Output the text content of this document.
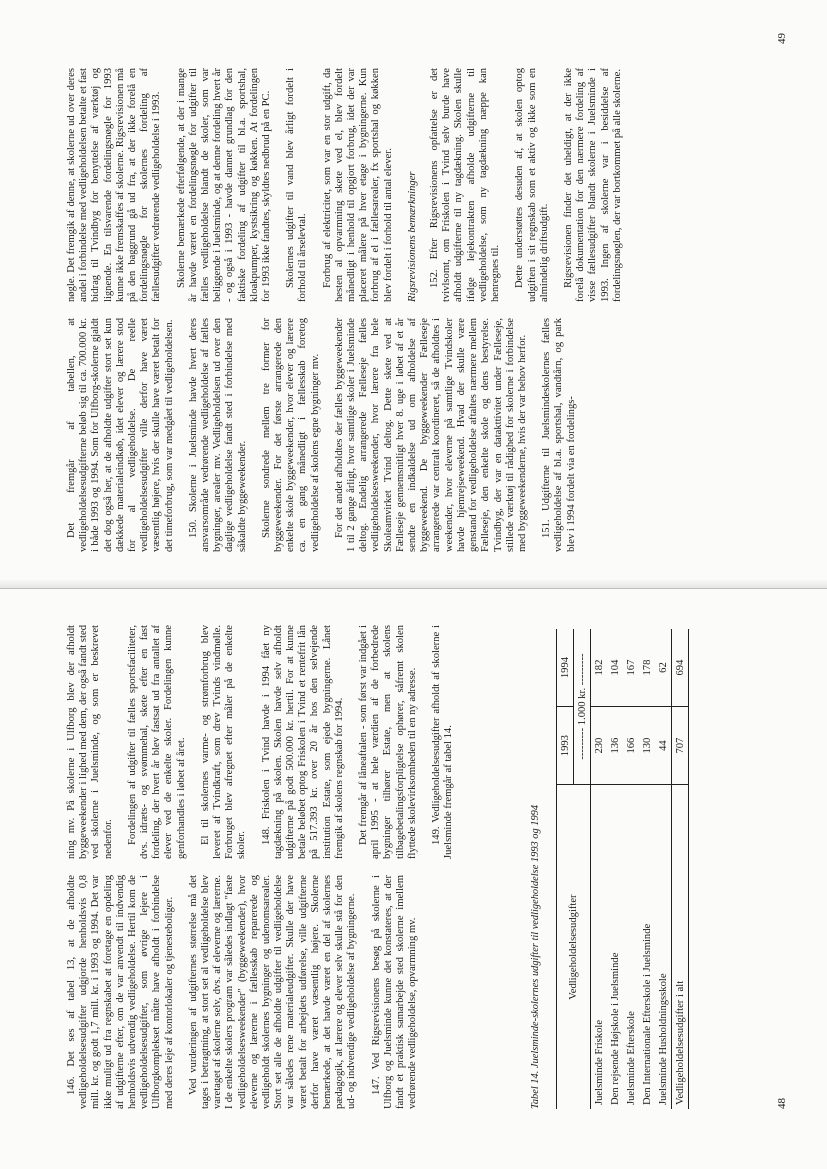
146. Det ses af tabel 13, at de afholdte vedligeholdelsesudgifter udgjorde henholdsvis 0,8 mill. kr. og godt 1,7 mill. kr. i 1993 og 1994. Det var ikke muligt ud fra regnskabet at foretage en opdeling af udgifterne efter, om de var anvendt til indvendig henholdsvis udvendig vedligeholdelse. Hertil kom de vedligeholdelsesudgifter, som øvrige lejere i Ulfborgkomplekset måtte have afholdt i forbindelse med deres leje af kontorlokaler og tjenesteboliger. Ved vurderingen af udgifternes størrelse må det tages i betragtning, at stort set al vedligeholdelse blev varetaget af skolerne selv, dvs. af eleverne og lærerne. I de enkelte skolers program var således indlagt "faste vedligeholdelsesweekender" (byggeweekender), hvor eleverne og lærerne i fællesskab reparerede og vedligeholdt skolernes bygninger og udenomsarealer. Stort set alle de afholdte udgifter til vedligeholdelse var således rene materialeudgifter. Skulle der have været betalt for arbejdets udførelse, ville udgifterne derfor have været væsentlig højere. Skolerne bemærkede, at det havde været en del af skolernes pædagogik, at lærere og elever selv skulle stå for den ud- og indvendige vedligeholdelse af bygningerne. 147. Ved Rigsrevisionens besøg på skolerne i Ulfborg og Juelsminde kunne det konstateres, at der fandt et praktisk samarbejde sted skolerne imellem vedrørende vedligeholdelse, opvarmning mv.

ning mv. På skolerne i Ulfborg blev der afholdt byggeweekender i lighed med dem, der også fandt sted ved skolerne i Juelsminde, og som er beskrevet nedenfor. Fordelingen af udgifter til fælles sportsfaciliteter, dvs. idræts- og svømmehal, skete efter en fast fordeling, der hvert år blev fastsat ud fra antallet af elever ved de enkelte skoler. Fordelingen kunne genforhandles i løbet af året. El til skolernes varme- og strømforbrug blev leveret af Tvindkraft, som drev Tvinds vindmølle. Forbruget blev afregnet efter måler på de enkelte skoler.

148. Friskolen i Tvind havde i 1994 fået ny tagdækning på skolen. Skolen havde selv afholdt udgifterne på godt 500.000 kr. hertil. For at kunne betale beløbet optog Friskolen i Tvind et rentefrit lån på 517.393 kr. over 20 år hos den selvejende institution Estate, som ejede bygningerne. Lånet fremgik af skolens regnskab for 1994. Det fremgår af låneaftalen - som først var indgået i april 1995 - at hele værdien af de forbedrede bygninger tilhører Estate, men at skolens tilbagebetalingsforpligtelse ophører, såfremt skolen flyttede skolevirksomheden til en ny adresse. 149. Vedligeholdelsesudgifter afholdt af skolerne i Juelsminde fremgår af tabel 14.

Tabel 14. Juelsminde-skolernes udgifter til vedligeholdelse 1993 og 1994	Vedligeholdelsesudgifter	1993	1994
	--------- 1.000 kr. ---------	
Juelsminde Friskole	230	182
Den rejsende Højskole i Juelsminde	136	104
Juelsminde Efterskole	166	167
Den Internationale Efterskole i Juelsminde	130	178
Juelsminde Husholdningsskole	44	62
Vedligeholdelsesudgifter i alt	707	694
48

Det fremgår af tabellen, at vedligeholdelsesudgifterne beløb sig til ca. 700.000 kr. i både 1993 og 1994. Som for Ulfborg-skolerne gjaldt det dog også her, at de afholdte udgifter stort set kun dækkede materialeindkøb, idet elever og lærere stod for al vedligeholdelse. De reelle vedligeholdelsesudgifter ville derfor have været væsentlig højere, hvis der skulle have været betalt for det timeforbrug, som var medgået til vedligeholdelsen. 150. Skolerne i Juelsminde havde hvert deres ansvarsområde vedrørende vedligeholdelse af fælles bygninger, arealer mv. Vedligeholdelsen ud over den daglige vedligeholdelse fandt sted i forbindelse med såkaldte byggeweekender. Skolerne sondrede mellem tre former for byggeweekender. For det første arrangerede den enkelte skole byggeweekender, hvor elever og lærere ca. en gang månedligt i fællesskab foretog vedligeholdelse af skolens egne bygninger mv. For det andet afholdtes der fælles byggeweekender 1 til 2 gange årligt, hvor samtlige skoler i Juelsminde deltog. Endelig arrangerede Fælleseje fælles vedligeholdelsesweekender, hvor lærere fra hele Skoleamvirket Tvind deltog. Dette skete ved at Fælleseje gennemsnitligt hver 8. uge i løbet af et år sendte en indkaldelse ud om afholdelse af byggeweekend. De byggeweekender Fælleseje arrangerede var centralt koordineret, så de afholdtes i weekender, hvor eleverne på samtlige Tvindskoler havde hjemrejseweekend. Hvad der skulle være genstand for vedligeholdelse aftaltes nærmere mellem Fælleseje, den enkelte skole og dens bestyrelse. Tvindbyg, der var en datakttivitet under Fælleseje, stillede værktøj til rådighed for skolerne i forbindelse med byggeweekenderne, hvis der var behov herfor. 151. Udgifterne til Juelsmindeskolernes fælles vedligeholdelse af bl.a. sportshal, vandtårn, og park blev i 1994 fordelt via en fordelings-

nøgle. Det fremgik af denne, at skolerne ud over deres andel i forbindelse med vedligeholdelsen betalte et fast bidrag til Tvindbyg for benyttelse af værktøj og lignende. En tilsvarende fordelingsnøgle for 1993 kunne ikke fremskaffes af skolerne. Rigsrevisionen må på den baggrund gå ud fra, at der ikke forelå en fordelingsnøgle for skolernes fordeling af fællesudgifter vedrørende vedligeholdelse i 1993. Skolerne bemærkede efterfølgende, at der i mange år havde været en fordelingsnøgle for udgifter til fælles vedligeholdelse blandt de skoler, som var beliggende i Juelsminde, og at denne fordeling hvert år - og også i 1993 - havde dannet grundlag for den faktiske fordeling af udgifter til bl.a. sportshal, kloakpumper, kystsikring og køkken. At fordelingen for 1993 ikke fandtes, skyldtes nedbrud på en PC. Skolernes udgifter til vand blev årligt fordelt i forhold til årselevtal. Forbrug af elektricitet, som var en stor udgift, da hesten al opvarmning skete ved el, blev fordelt månedligt i henhold til opgjort forbrug, idet der var placeret målere på hver etage i bygningerne. Kun forbrug af el i fællesarealer, fx sportshal og køkken blev fordelt i forhold til antal elever. Rigsrevisionens bemærkninger 152. Efter Rigsrevisionens opfattelse er det tvivlsomt, om Friskolen i Tvind selv burde have afholdt udgifterne til ny tagdækning. Skolen skulle ifølge lejekontrakten afholde udgifterne til vedligeholdelse, som ny tagdækning næppe kan henregnes til. Dette understøttes desuden af, at skolen optog udgiften i sit regnskab som et aktiv og ikke som en almindelig driftsudgift. Rigsrevisionen finder det uheldigt, at der ikke forelå dokumentation for den nærmere fordeling af visse fællesudgifter blandt skolerne i Juelsminde i 1993. Ingen af skolerne var i besiddelse af fordelingsnøglen, der var bortkommet på alle skolerne.

49
